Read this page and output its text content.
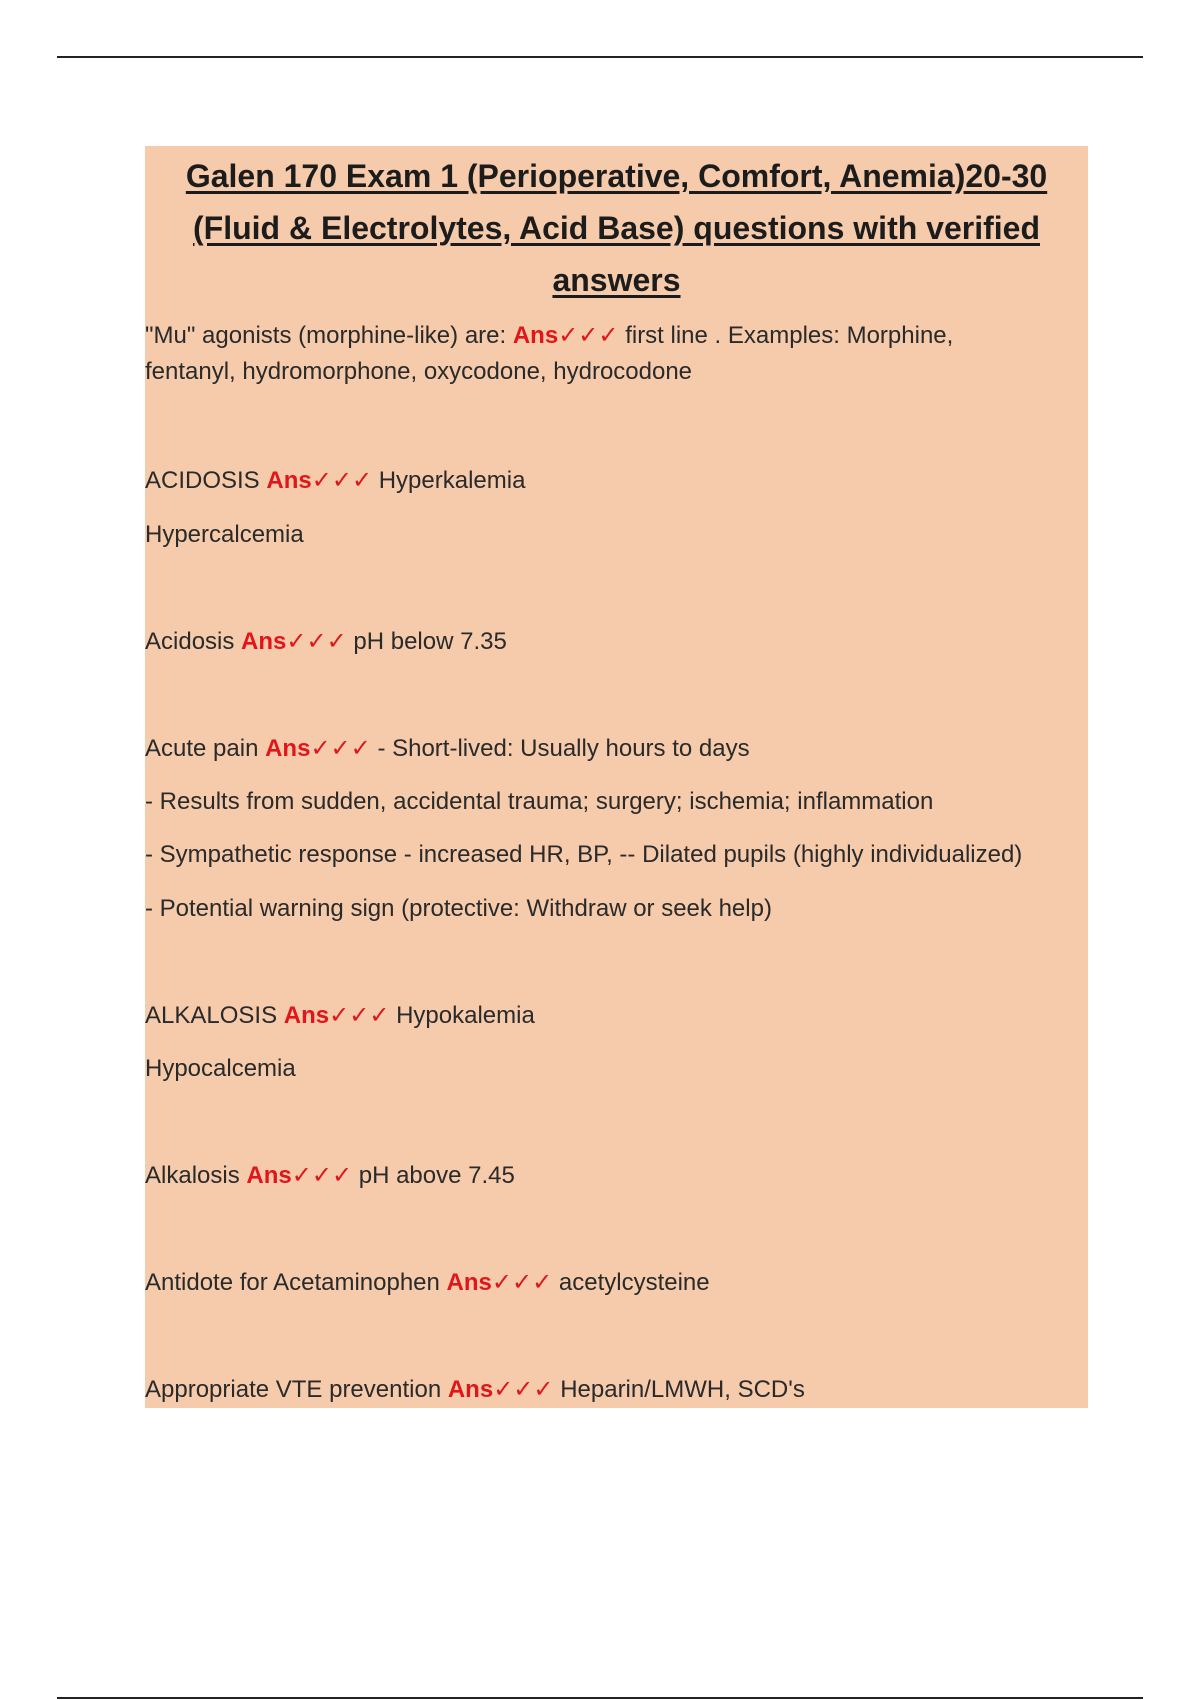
Galen 170 Exam 1 (Perioperative, Comfort, Anemia)20-30 (Fluid & Electrolytes, Acid Base) questions with verified answers
"Mu" agonists (morphine-like) are: Ans✓✓✓ first line . Examples: Morphine, fentanyl, hydromorphone, oxycodone, hydrocodone
ACIDOSIS Ans✓✓✓ Hyperkalemia
Hypercalcemia
Acidosis Ans✓✓✓ pH below 7.35
Acute pain Ans✓✓✓ - Short-lived: Usually hours to days
- Results from sudden, accidental trauma; surgery; ischemia; inflammation
- Sympathetic response - increased HR, BP, -- Dilated pupils (highly individualized)
- Potential warning sign (protective: Withdraw or seek help)
ALKALOSIS Ans✓✓✓ Hypokalemia
Hypocalcemia
Alkalosis Ans✓✓✓ pH above 7.45
Antidote for Acetaminophen Ans✓✓✓ acetylcysteine
Appropriate VTE prevention Ans✓✓✓ Heparin/LMWH, SCD's
